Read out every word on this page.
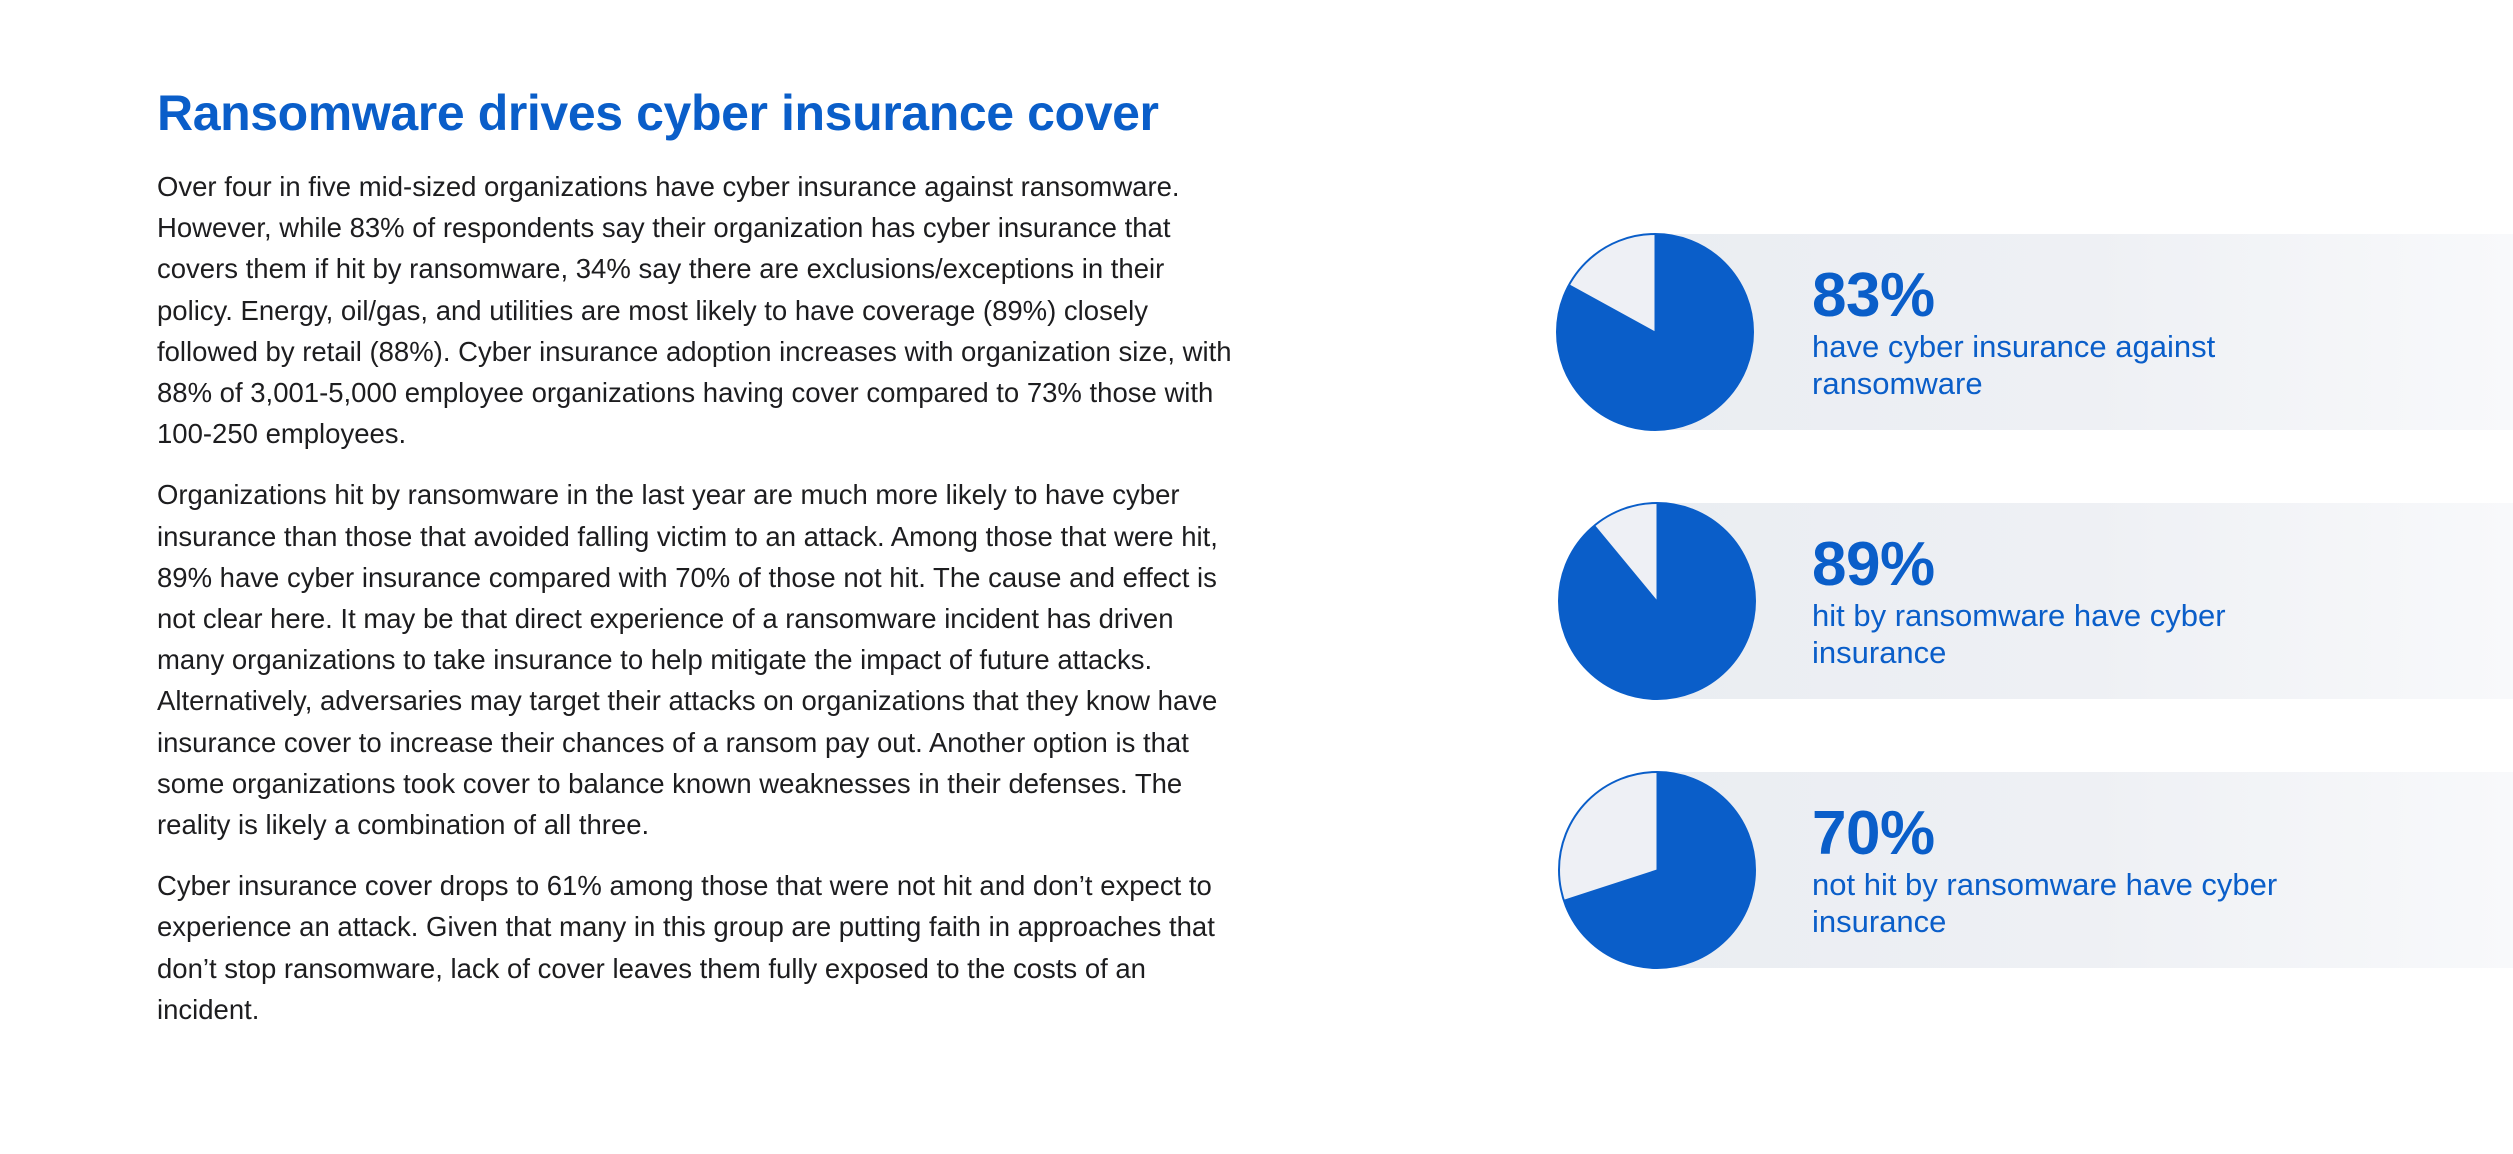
Ransomware drives cyber insurance cover

Over four in five mid-sized organizations have cyber insurance against ransomware. However, while 83% of respondents say their organization has cyber insurance that covers them if hit by ransomware, 34% say there are exclusions/exceptions in their policy. Energy, oil/gas, and utilities are most likely to have coverage (89%) closely followed by retail (88%). Cyber insurance adoption increases with organization size, with 88% of 3,001-5,000 employee organizations having cover compared to 73% those with 100-250 employees.

Organizations hit by ransomware in the last year are much more likely to have cyber insurance than those that avoided falling victim to an attack. Among those that were hit, 89% have cyber insurance compared with 70% of those not hit. The cause and effect is not clear here. It may be that direct experience of a ransomware incident has driven many organizations to take insurance to help mitigate the impact of future attacks. Alternatively, adversaries may target their attacks on organizations that they know have insurance cover to increase their chances of a ransom pay out. Another option is that some organizations took cover to balance known weaknesses in their defenses. The reality is likely a combination of all three.

Cyber insurance cover drops to 61% among those that were not hit and don’t expect to experience an attack. Given that many in this group are putting faith in approaches that don’t stop ransomware, lack of cover leaves them fully exposed to the costs of an incident.

83%
have cyber insurance against ransomware
89%
hit by ransomware have cyber insurance
70%
not hit by ransomware have cyber insurance
